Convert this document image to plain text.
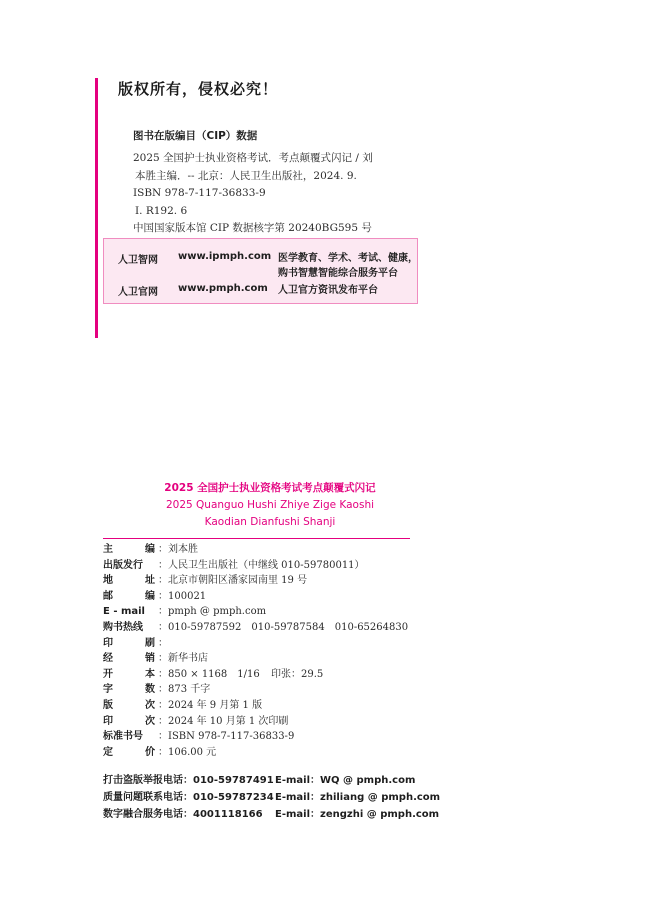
版权所有，侵权必究！
图书在版编目（CIP）数据
2025 全国护士执业资格考试．考点颠覆式闪记 / 刘
本胜主编．-- 北京：人民卫生出版社，2024. 9.
ISBN 978-7-117-36833-9
Ⅰ. R192. 6
中国国家版本馆 CIP 数据核字第 20240BG595 号
人卫智网 www.ipmph.com 医学教育、学术、考试、健康，
购书智慧智能综合服务平台
人卫官网 www.pmph.com 人卫官方资讯发布平台
2025 全国护士执业资格考试考点颠覆式闪记
2025 Quanguo Hushi Zhiye Zige Kaoshi
Kaodian Dianfushi Shanji
主	编 ：刘本胜
出版发行 ：人民卫生出版社（中继线 010-59780011）
地	址 ：北京市朝阳区潘家园南里 19 号
邮	编 ：100021
E - mail ：pmph @ pmph.com
购书热线 ：010-59787592　010-59787584　010-65264830
印	刷 ：
经	销 ：新华书店
开	本 ：850 × 1168　1/16 印张：29.5
字	数 ：873 千字
版	次 ：2024 年 9 月第 1 版
印	次 ：2024 年 10 月第 1 次印刷
标准书号 ：ISBN 978-7-117-36833-9
定	价 ：106.00 元
打击盗版举报电话：010-59787491 E-mail：WQ @ pmph.com
质量问题联系电话：010-59787234 E-mail：zhiliang @ pmph.com
数字融合服务电话：4001118166 E-mail：zengzhi @ pmph.com
